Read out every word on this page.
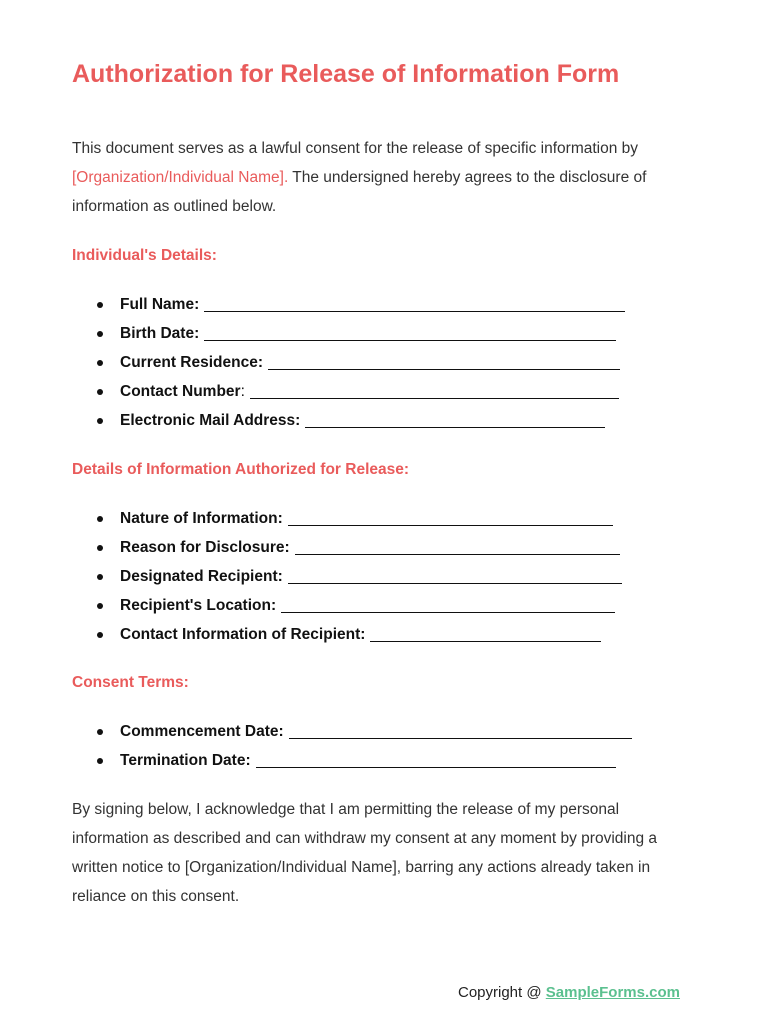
Authorization for Release of Information Form

This document serves as a lawful consent for the release of specific information by [Organization/Individual Name]. The undersigned hereby agrees to the disclosure of information as outlined below.

Individual's Details:
Full Name:
Birth Date:
Current Residence:
Contact Number :
Electronic Mail Address:
Details of Information Authorized for Release:
Nature of Information:
Reason for Disclosure:
Designated Recipient:
Recipient's Location:
Contact Information of Recipient:
Consent Terms:
Commencement Date:
Termination Date:

By signing below, I acknowledge that I am permitting the release of my personal information as described and can withdraw my consent at any moment by providing a written notice to [Organization/Individual Name], barring any actions already taken in reliance on this consent.

Copyright @ SampleForms.com
